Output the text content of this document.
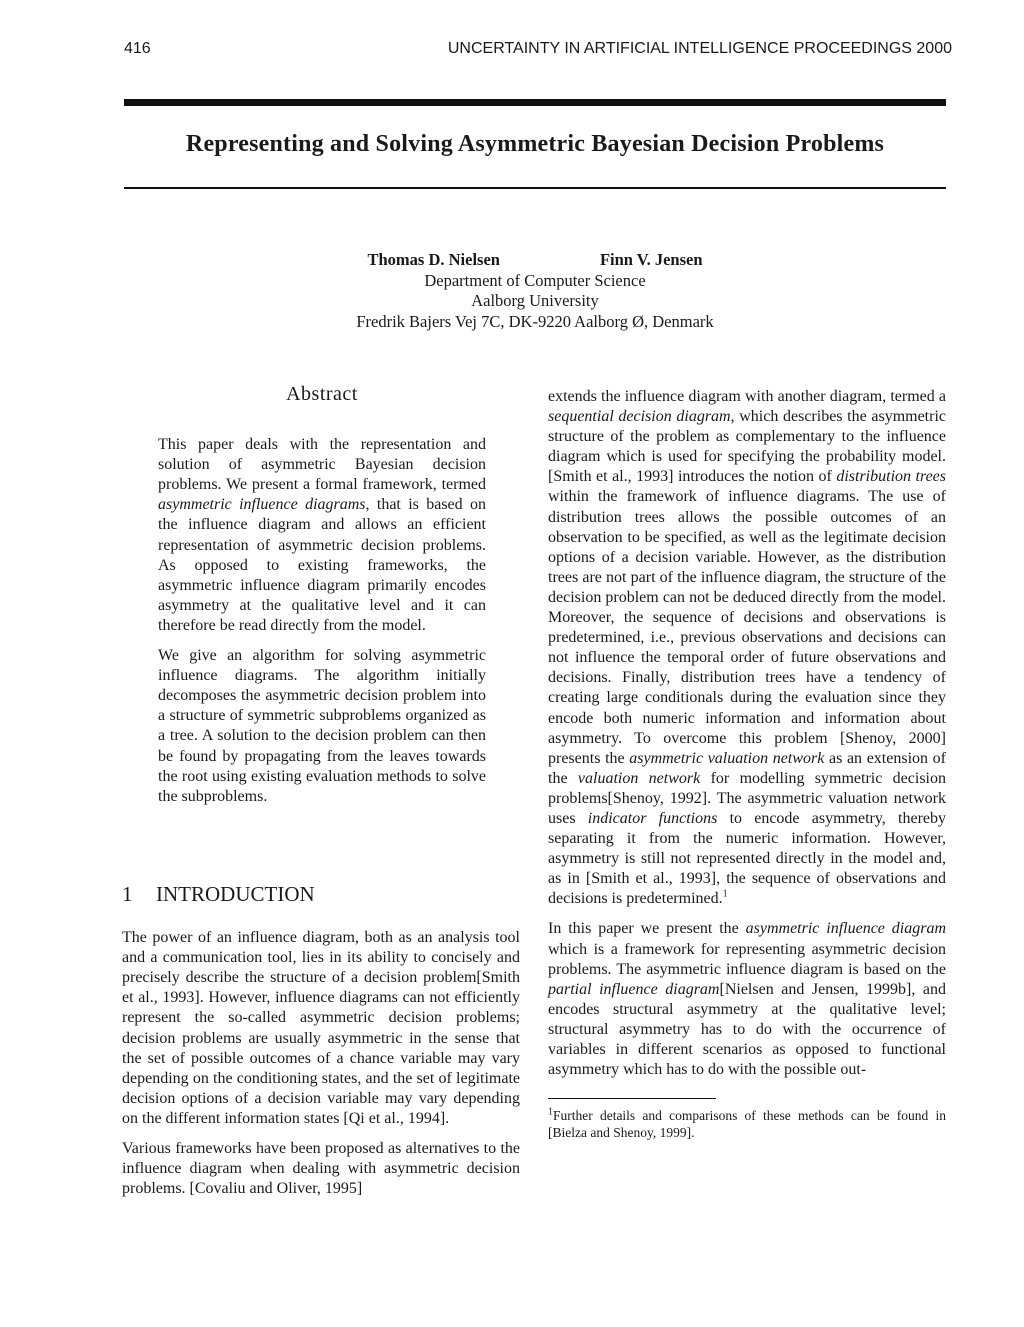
416	UNCERTAINTY IN ARTIFICIAL INTELLIGENCE PROCEEDINGS 2000
Representing and Solving Asymmetric Bayesian Decision Problems
Thomas D. Nielsen	Finn V. Jensen
Department of Computer Science
Aalborg University
Fredrik Bajers Vej 7C, DK-9220 Aalborg Ø, Denmark
Abstract

This paper deals with the representation and solution of asymmetric Bayesian decision problems. We present a formal framework, termed asymmetric influence diagrams, that is based on the influence diagram and allows an efficient representation of asymmetric decision problems. As opposed to existing frameworks, the asymmetric influence diagram primarily encodes asymmetry at the qualitative level and it can therefore be read directly from the model.

We give an algorithm for solving asymmetric influence diagrams. The algorithm initially decomposes the asymmetric decision problem into a structure of symmetric subproblems organized as a tree. A solution to the decision problem can then be found by propagating from the leaves towards the root using existing evaluation methods to solve the subproblems.

1 INTRODUCTION

The power of an influence diagram, both as an analysis tool and a communication tool, lies in its ability to concisely and precisely describe the structure of a decision problem[Smith et al., 1993]. However, influence diagrams can not efficiently represent the so-called asymmetric decision problems; decision problems are usually asymmetric in the sense that the set of possible outcomes of a chance variable may vary depending on the conditioning states, and the set of legitimate decision options of a decision variable may vary depending on the different information states [Qi et al., 1994].

Various frameworks have been proposed as alternatives to the influence diagram when dealing with asymmetric decision problems. [Covaliu and Oliver, 1995]

extends the influence diagram with another diagram, termed a sequential decision diagram, which describes the asymmetric structure of the problem as complementary to the influence diagram which is used for specifying the probability model. [Smith et al., 1993] introduces the notion of distribution trees within the framework of influence diagrams. The use of distribution trees allows the possible outcomes of an observation to be specified, as well as the legitimate decision options of a decision variable. However, as the distribution trees are not part of the influence diagram, the structure of the decision problem can not be deduced directly from the model. Moreover, the sequence of decisions and observations is predetermined, i.e., previous observations and decisions can not influence the temporal order of future observations and decisions. Finally, distribution trees have a tendency of creating large conditionals during the evaluation since they encode both numeric information and information about asymmetry. To overcome this problem [Shenoy, 2000] presents the asymmetric valuation network as an extension of the valuation network for modelling symmetric decision problems[Shenoy, 1992]. The asymmetric valuation network uses indicator functions to encode asymmetry, thereby separating it from the numeric information. However, asymmetry is still not represented directly in the model and, as in [Smith et al., 1993], the sequence of observations and decisions is predetermined.$^1$

In this paper we present the asymmetric influence diagram which is a framework for representing asymmetric decision problems. The asymmetric influence diagram is based on the partial influence diagram[Nielsen and Jensen, 1999b], and encodes structural asymmetry at the qualitative level; structural asymmetry has to do with the occurrence of variables in different scenarios as opposed to functional asymmetry which has to do with the possible out-

$^1$Further details and comparisons of these methods can be found in [Bielza and Shenoy, 1999].
